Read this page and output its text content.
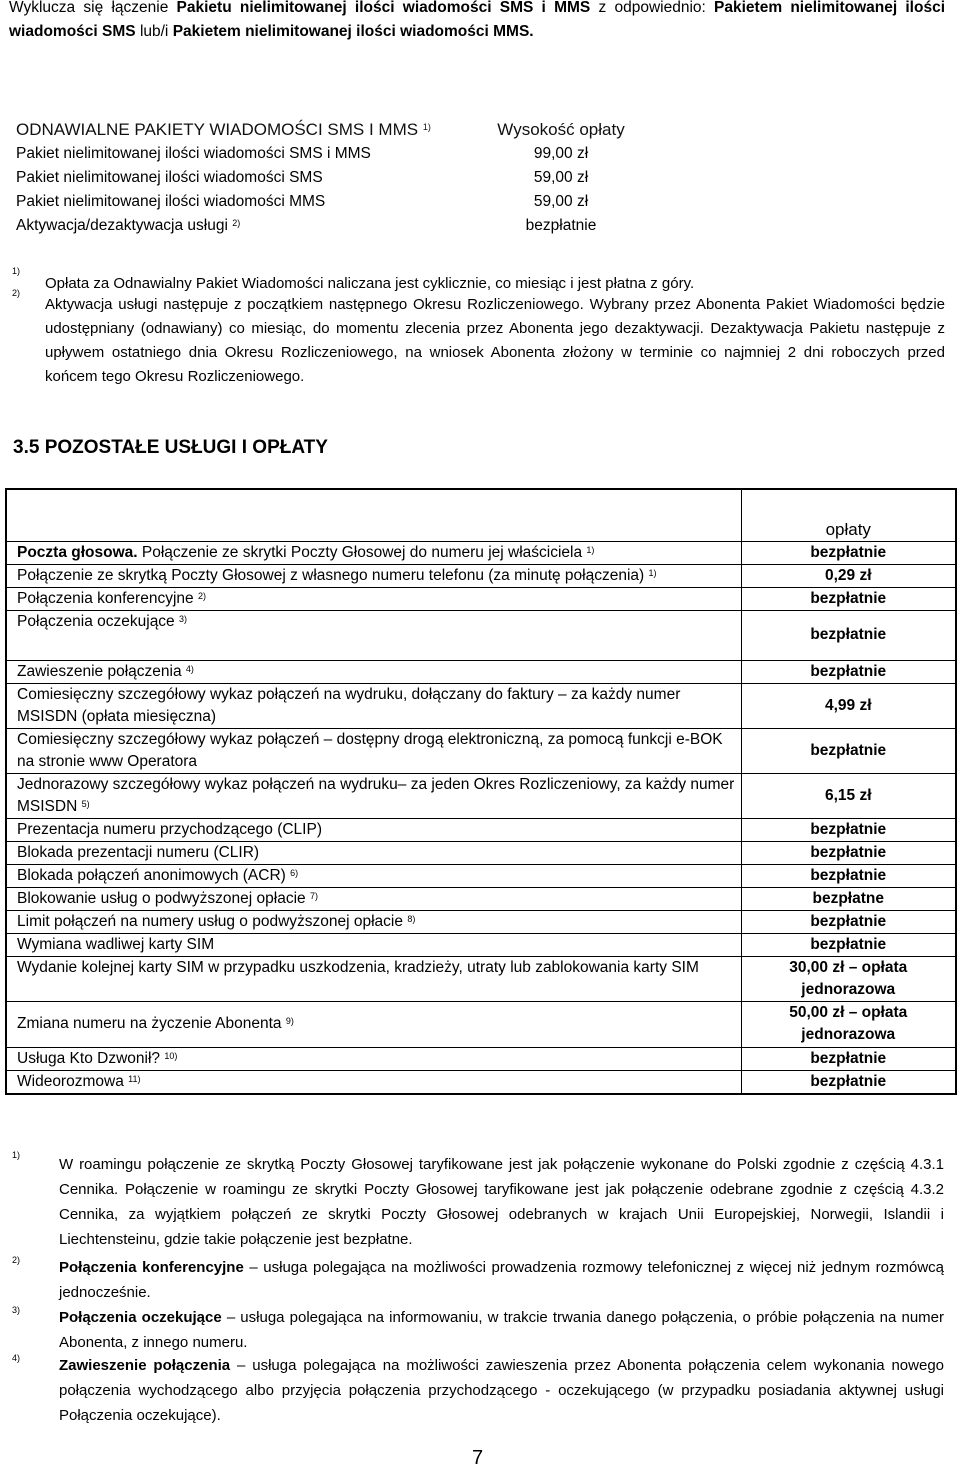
Wyklucza się łączenie Pakietu nielimitowanej ilości wiadomości SMS i MMS z odpowiednio: Pakietem nielimitowanej ilości wiadomości SMS lub/i Pakietem nielimitowanej ilości wiadomości MMS.
ODNAWIALNE PAKIETY WIADOMOŚCI SMS I MMS $^{1)}$	Wysokość opłaty
Pakiet nielimitowanej ilości wiadomości SMS i MMS	99,00 zł
Pakiet nielimitowanej ilości wiadomości SMS	59,00 zł
Pakiet nielimitowanej ilości wiadomości MMS	59,00 zł
Aktywacja/dezaktywacja usługi $^{2)}$	bezpłatnie
1)
2)
Opłata za Odnawialny Pakiet Wiadomości naliczana jest cyklicznie, co miesiąc i jest płatna z góry.
Aktywacja usługi następuje z początkiem następnego Okresu Rozliczeniowego. Wybrany przez Abonenta Pakiet Wiadomości będzie udostępniany (odnawiany) co miesiąc, do momentu zlecenia przez Abonenta jego dezaktywacji. Dezaktywacja Pakietu następuje z upływem ostatniego dnia Okresu Rozliczeniowego, na wniosek Abonenta złożony w terminie co najmniej 2 dni roboczych przed końcem tego Okresu Rozliczeniowego.
3.5 POZOSTAŁE USŁUGI I OPŁATY
	opłaty
Poczta głosowa. Połączenie ze skrytki Poczty Głosowej do numeru jej właściciela $^{1)}$	bezpłatnie
Połączenie ze skrytką Poczty Głosowej z własnego numeru telefonu (za minutę połączenia) $^{1)}$	0,29 zł
Połączenia konferencyjne $^{2)}$	bezpłatnie
Połączenia oczekujące $^{3)}$	bezpłatnie
Zawieszenie połączenia $^{4)}$	bezpłatnie
Comiesięczny szczegółowy wykaz połączeń na wydruku, dołączany do faktury – za każdy numer MSISDN (opłata miesięczna)	4,99 zł
Comiesięczny szczegółowy wykaz połączeń – dostępny drogą elektroniczną, za pomocą funkcji e-BOK na stronie www Operatora	bezpłatnie
Jednorazowy szczegółowy wykaz połączeń na wydruku– za jeden Okres Rozliczeniowy, za każdy numer MSISDN $^{5)}$	6,15 zł
Prezentacja numeru przychodzącego (CLIP)	bezpłatnie
Blokada prezentacji numeru (CLIR)	bezpłatnie
Blokada połączeń anonimowych (ACR) $^{6)}$	bezpłatnie
Blokowanie usług o podwyższonej opłacie $^{7)}$	bezpłatne
Limit połączeń na numery usług o podwyższonej opłacie $^{8)}$	bezpłatnie
Wymiana wadliwej karty SIM	bezpłatnie
Wydanie kolejnej karty SIM w przypadku uszkodzenia, kradzieży, utraty lub zablokowania karty SIM	30,00 zł – opłata jednorazowa
Zmiana numeru na życzenie Abonenta $^{9)}$	50,00 zł – opłata jednorazowa
Usługa Kto Dzwonił? $^{10)}$	bezpłatnie
Wideorozmowa $^{11)}$	bezpłatnie
1)
W roamingu połączenie ze skrytką Poczty Głosowej taryfikowane jest jak połączenie wykonane do Polski zgodnie z częścią 4.3.1 Cennika. Połączenie w roamingu ze skrytki Poczty Głosowej taryfikowane jest jak połączenie odebrane zgodnie z częścią 4.3.2 Cennika, za wyjątkiem połączeń ze skrytki Poczty Głosowej odebranych w krajach Unii Europejskiej, Norwegii, Islandii i Liechtensteinu, gdzie takie połączenie jest bezpłatne.
2)	Połączenia konferencyjne – usługa polegająca na możliwości prowadzenia rozmowy telefonicznej z więcej niż jednym rozmówcą jednocześnie.
3)	Połączenia oczekujące – usługa polegająca na informowaniu, w trakcie trwania danego połączenia, o próbie połączenia na numer Abonenta, z innego numeru.
4)	Zawieszenie połączenia – usługa polegająca na możliwości zawieszenia przez Abonenta połączenia celem wykonania nowego połączenia wychodzącego albo przyjęcia połączenia przychodzącego - oczekującego (w przypadku posiadania aktywnej usługi Połączenia oczekujące).
7
